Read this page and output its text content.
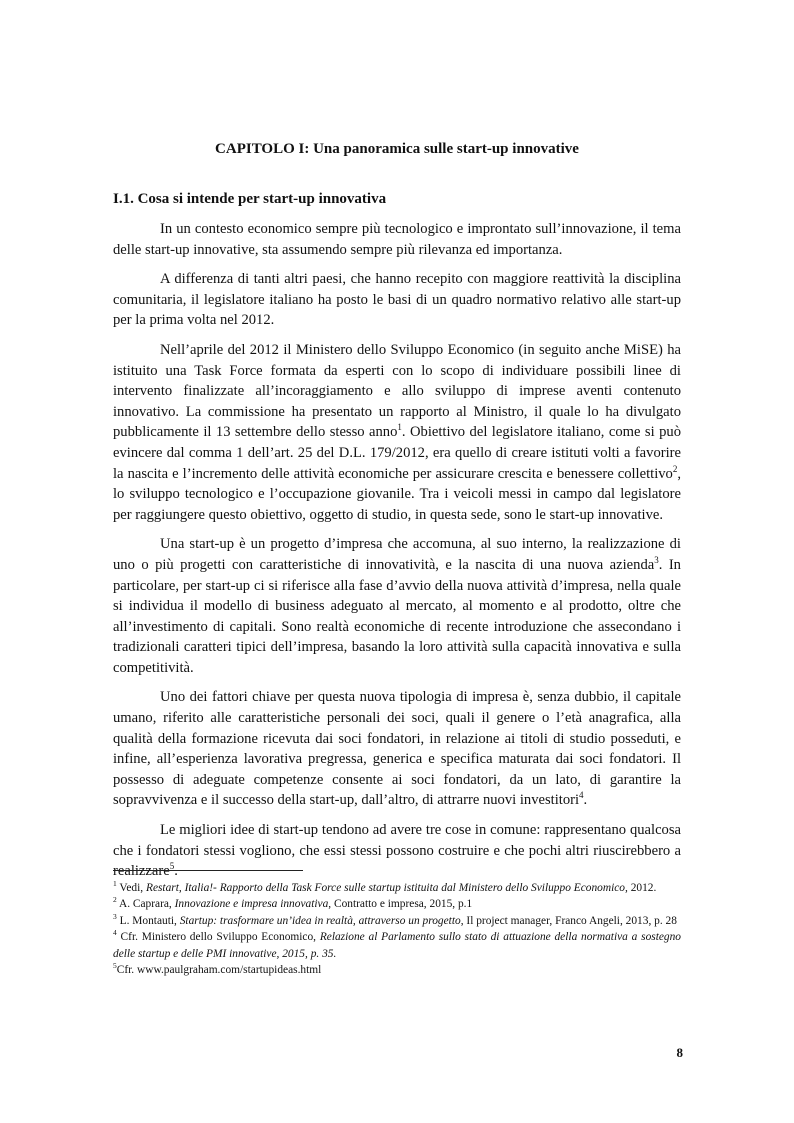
CAPITOLO I: Una panoramica sulle start-up innovative
I.1. Cosa si intende per start-up innovativa

In un contesto economico sempre più tecnologico e improntato sull’innovazione, il tema delle start-up innovative, sta assumendo sempre più rilevanza ed importanza.

A differenza di tanti altri paesi, che hanno recepito con maggiore reattività la disciplina comunitaria, il legislatore italiano ha posto le basi di un quadro normativo relativo alle start-up per la prima volta nel 2012.

Nell’aprile del 2012 il Ministero dello Sviluppo Economico (in seguito anche MiSE) ha istituito una Task Force formata da esperti con lo scopo di individuare possibili linee di intervento finalizzate all’incoraggiamento e allo sviluppo di imprese aventi contenuto innovativo. La commissione ha presentato un rapporto al Ministro, il quale lo ha divulgato pubblicamente il 13 settembre dello stesso anno$^1$. Obiettivo del legislatore italiano, come si può evincere dal comma 1 dell’art. 25 del D.L. 179/2012, era quello di creare istituti volti a favorire la nascita e l’incremento delle attività economiche per assicurare crescita e benessere collettivo$^2$, lo sviluppo tecnologico e l’occupazione giovanile. Tra i veicoli messi in campo dal legislatore per raggiungere questo obiettivo, oggetto di studio, in questa sede, sono le start-up innovative.

Una start-up è un progetto d’impresa che accomuna, al suo interno, la realizzazione di uno o più progetti con caratteristiche di innovatività, e la nascita di una nuova azienda$^3$. In particolare, per start-up ci si riferisce alla fase d’avvio della nuova attività d’impresa, nella quale si individua il modello di business adeguato al mercato, al momento e al prodotto, oltre che all’investimento di capitali. Sono realtà economiche di recente introduzione che assecondano i tradizionali caratteri tipici dell’impresa, basando la loro attività sulla capacità innovativa e sulla competitività.

Uno dei fattori chiave per questa nuova tipologia di impresa è, senza dubbio, il capitale umano, riferito alle caratteristiche personali dei soci, quali il genere o l’età anagrafica, alla qualità della formazione ricevuta dai soci fondatori, in relazione ai titoli di studio posseduti, e infine, all’esperienza lavorativa pregressa, generica e specifica maturata dai soci fondatori. Il possesso di adeguate competenze consente ai soci fondatori, da un lato, di garantire la sopravvivenza e il successo della start-up, dall’altro, di attrarre nuovi investitori$^4$.

Le migliori idee di start-up tendono ad avere tre cose in comune: rappresentano qualcosa che i fondatori stessi vogliono, che essi stessi possono costruire e che pochi altri riuscirebbero a realizzare$^5$.

$^1$ Vedi, Restart, Italia!- Rapporto della Task Force sulle startup istituita dal Ministero dello Sviluppo Economico, 2012.

$^2$ A. Caprara, Innovazione e impresa innovativa, Contratto e impresa, 2015, p.1

$^3$ L. Montauti, Startup: trasformare un’idea in realtà, attraverso un progetto, Il project manager, Franco Angeli, 2013, p. 28

$^4$ Cfr. Ministero dello Sviluppo Economico, Relazione al Parlamento sullo stato di attuazione della normativa a sostegno delle startup e delle PMI innovative, 2015, p. 35.

$^5$Cfr. www.paulgraham.com/startupideas.html

8
